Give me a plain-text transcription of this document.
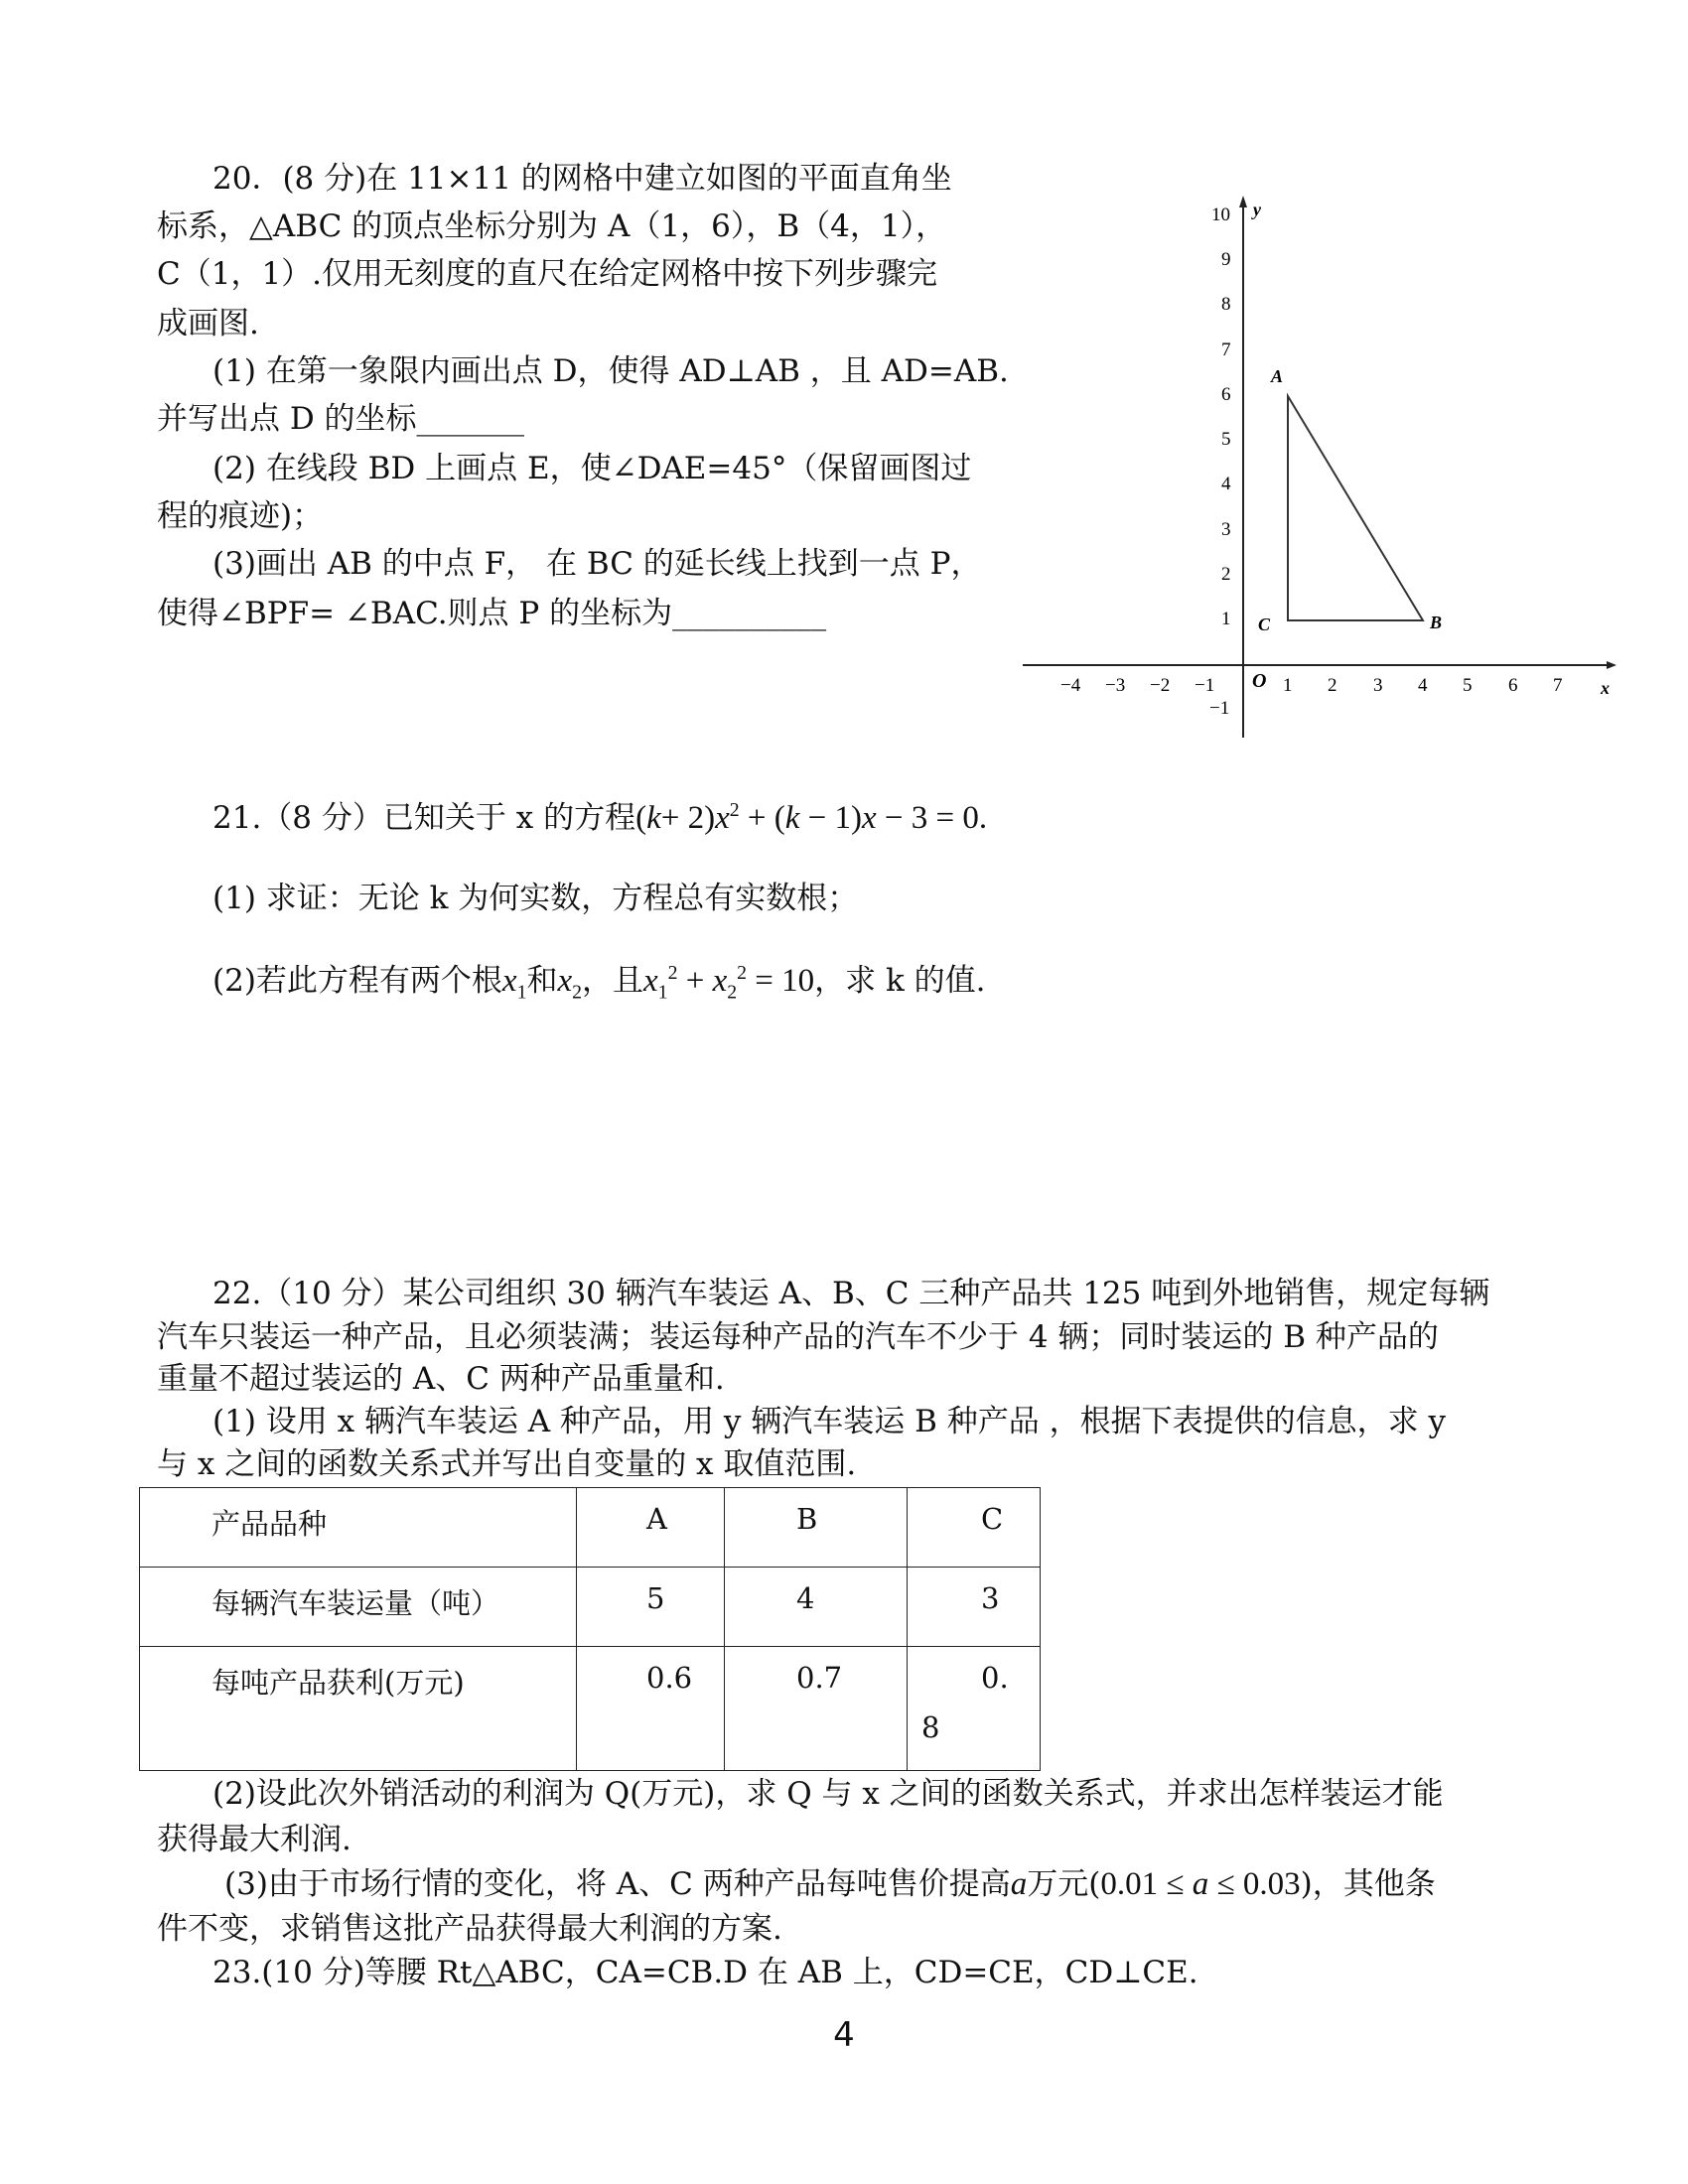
20．(8 分)在 11×11 的网格中建立如图的平面直角坐
标系，△ABC 的顶点坐标分别为 A（1，6），B（4，1），
C（1，1）.仅用无刻度的直尺在给定网格中按下列步骤完
成画图.
(1) 在第一象限内画出点 D，使得 AD⊥AB ，且 AD=AB.
并写出点 D 的坐标_______
(2) 在线段 BD 上画点 E，使∠DAE=45°（保留画图过
程的痕迹)；
(3)画出 AB 的中点 F， 在 BC 的延长线上找到一点 P，
使得∠BPF= ∠BAC.则点 P 的坐标为__________
x
y
O
−4 −3 −2 −1	1 2 3 4 5 6 7
1
2
3
4
5
6
7
8
9
10
−1
A
B
C
21.（8 分）已知关于 x 的方程$(k+ 2)x^2 + (k - 1)x - 3 = 0$.
(1) 求证：无论 k 为何实数，方程总有实数根；
(2)若此方程有两个根$x_1$和$x_2$，且$x_1^2 + x_2^2 = 10$，求 k 的值.
22.（10 分）某公司组织 30 辆汽车装运 A、B、C 三种产品共 125 吨到外地销售，规定每辆
汽车只装运一种产品，且必须装满；装运每种产品的汽车不少于 4 辆；同时装运的 B 种产品的
重量不超过装运的 A、C 两种产品重量和.
(1) 设用 x 辆汽车装运 A 种产品，用 y 辆汽车装运 B 种产品 ，根据下表提供的信息，求 y
与 x 之间的函数关系式并写出自变量的 x 取值范围.
产品品种	A	B	C

每辆汽车装运量（吨）	5	4	3

每吨产品获利(万元)	0.6	0.7	0.
8
(2)设此次外销活动的利润为 Q(万元)，求 Q 与 x 之间的函数关系式，并求出怎样装运才能
获得最大利润.
(3)由于市场行情的变化，将 A、C 两种产品每吨售价提高a万元(0.01 ≤ a ≤ 0.03)，其他条
件不变，求销售这批产品获得最大利润的方案.
23.(10 分)等腰 Rt△ABC，CA=CB.D 在 AB 上，CD=CE，CD⊥CE.
4
